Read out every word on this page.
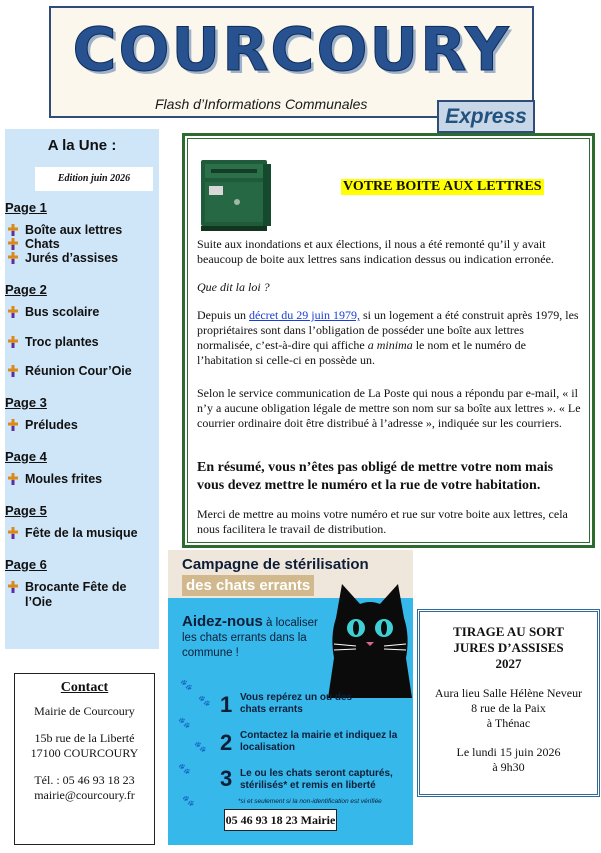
COURCOURY
Flash d’Informations Communales
Express
A la Une :
Edition juin 2026
Page 1
Boîte aux lettres
Chats
Jurés d’assises
Page 2
Bus scolaire
Troc plantes
Réunion Cour’Oie
Page 3
Préludes
Page 4
Moules frites
Page 5
Fête de la musique
Page 6
Brocante Fête de l’Oie
Contact
Mairie de Courcoury
15b rue de la Liberté
17100 COURCOURY
Tél. : 05 46 93 18 23
mairie@courcoury.fr
VOTRE BOITE AUX LETTRES
Suite aux inondations et aux élections, il nous a été remonté qu’il y avait beaucoup de boite aux lettres sans indication dessus ou indication erronée.
Que dit la loi ?
Depuis un décret du 29 juin 1979, si un logement a été construit après 1979, les propriétaires sont dans l’obligation de posséder une boîte aux lettres normalisée, c’est-à-dire qui affiche a minima le nom et le numéro de l’habitation si celle-ci en possède un.
Selon le service communication de La Poste qui nous a répondu par e-mail, « il n’y a aucune obligation légale de mettre son nom sur sa boîte aux lettres ». « Le courrier ordinaire doit être distribué à l’adresse », indiquée sur les courriers.
En résumé, vous n’êtes pas obligé de mettre votre nom mais vous devez mettre le numéro et la rue de votre habitation.
Merci de mettre au moins votre numéro et rue sur votre boite aux lettres, cela nous facilitera le travail de distribution.
Campagne de stérilisation
des chats errants
Aidez-nous à localiser les chats errants dans la commune !
🐾
🐾
🐾
🐾
🐾
🐾
1 Vous repérez un ou des chats errants
2 Contactez la mairie et indiquez la localisation
3 Le ou les chats seront capturés, stérilisés* et remis en liberté
*si et seulement si la non-identification est vérifiée
05 46 93 18 23 Mairie
TIRAGE AU SORT
JURES D’ASSISES
2027
Aura lieu Salle Hélène Neveur
8 rue de la Paix
à Thénac
Le lundi 15 juin 2026
à 9h30
